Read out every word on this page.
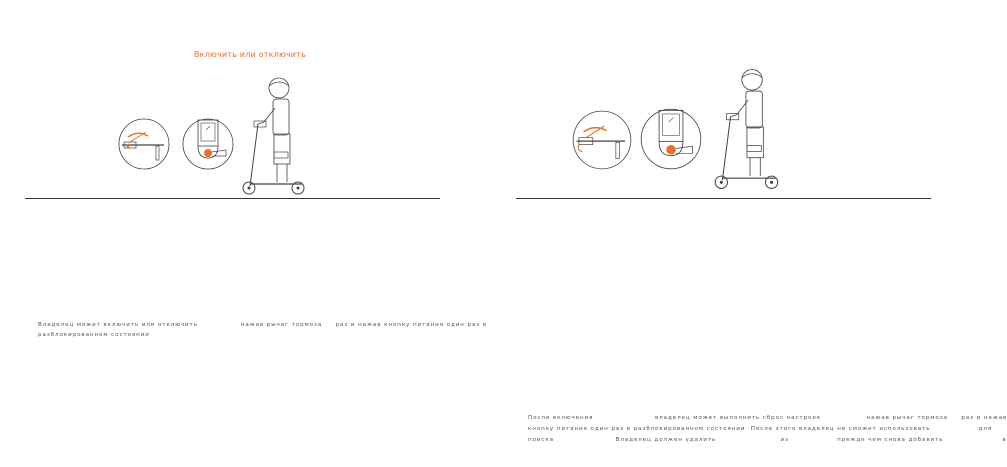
Включить или отключить
Владелец может включить или отключить                нажав рычаг тормоза     раз и нажав кнопку питания один раз в
разблокированном состоянии
После включения                       владелец может выполнить сброс настроек                 нажав рычаг тормоза     раз и нажав
кнопку питания один раз в разблокированном состоянии  После этого владелец не сможет использовать                  для
поиска                       Владелец должен удалить                        из                  прежде чем снова добавить                      в
